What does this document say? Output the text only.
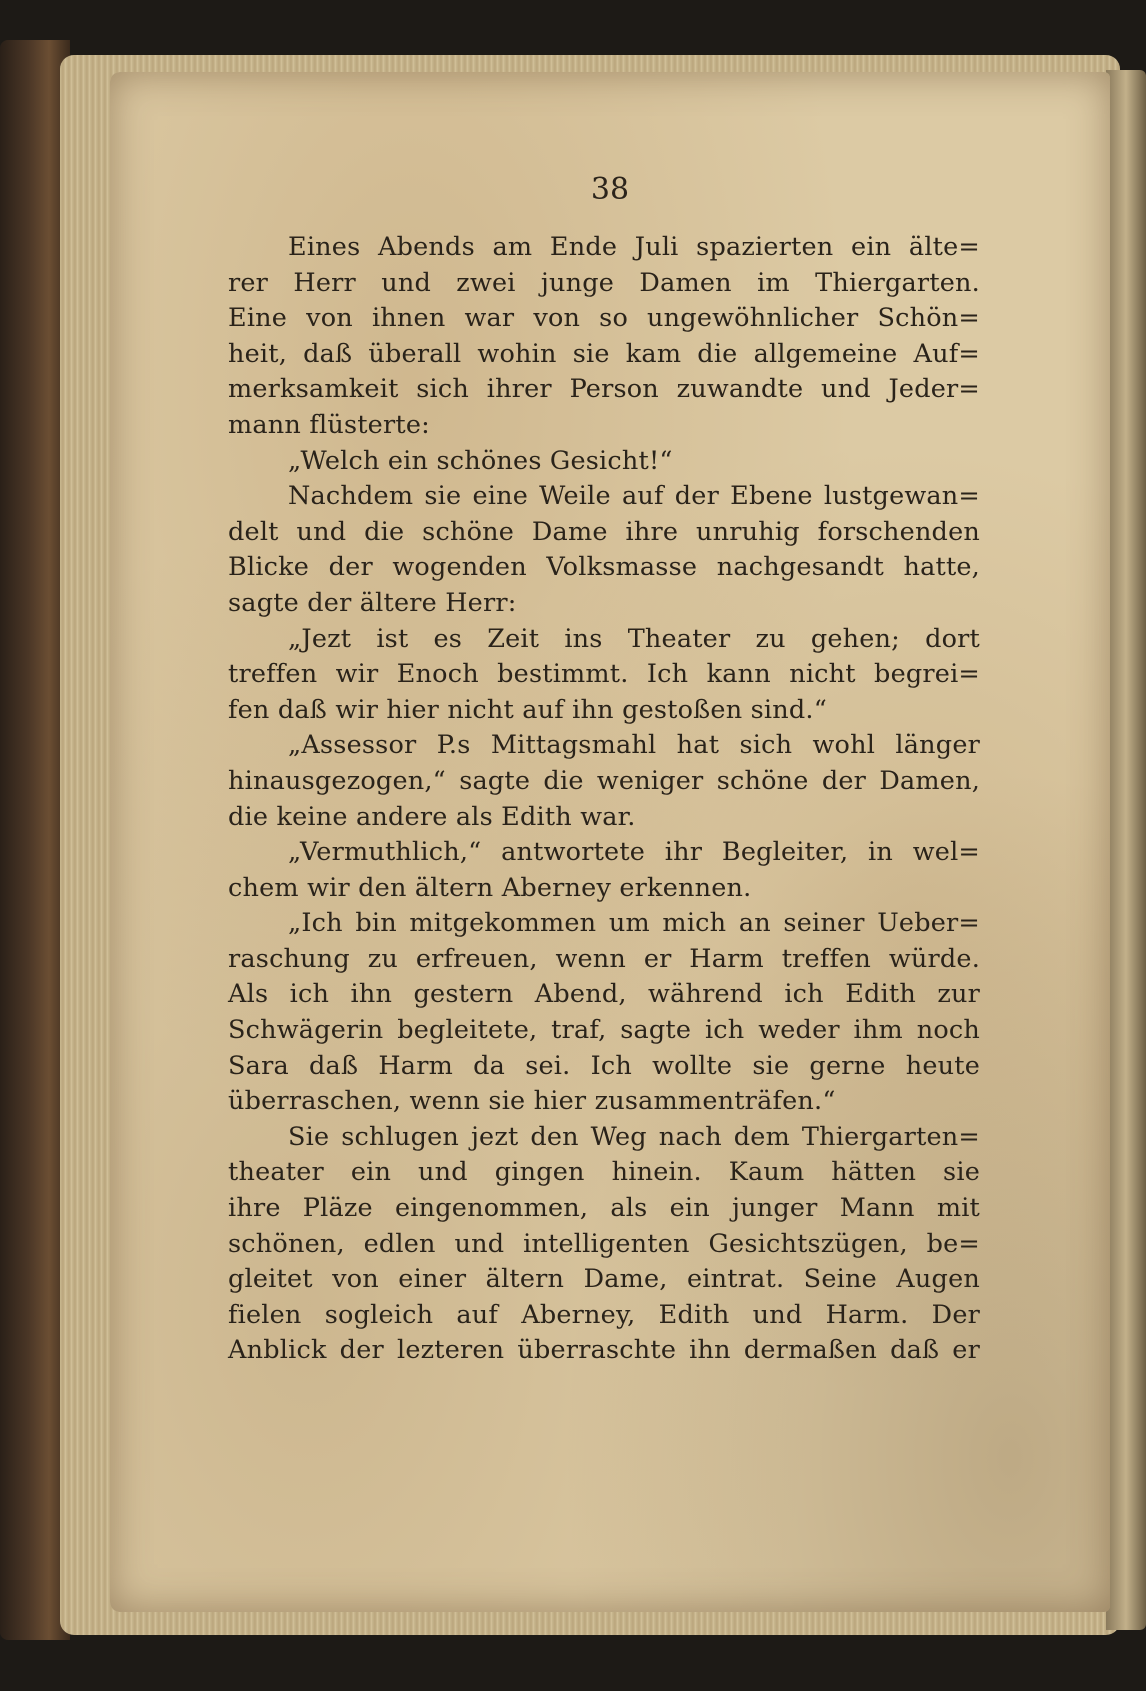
38
Eines Abends am Ende Juli spazierten ein älte=
rer Herr und zwei junge Damen im Thiergarten.
Eine von ihnen war von so ungewöhnlicher Schön=
heit, daß überall wohin sie kam die allgemeine Auf=
merksamkeit sich ihrer Person zuwandte und Jeder=
mann flüsterte:
„Welch ein schönes Gesicht!“
Nachdem sie eine Weile auf der Ebene lustgewan=
delt und die schöne Dame ihre unruhig forschenden
Blicke der wogenden Volksmasse nachgesandt hatte,
sagte der ältere Herr:
„Jezt ist es Zeit ins Theater zu gehen; dort
treffen wir Enoch bestimmt. Ich kann nicht begrei=
fen daß wir hier nicht auf ihn gestoßen sind.“
„Assessor P.s Mittagsmahl hat sich wohl länger
hinausgezogen,“ sagte die weniger schöne der Damen,
die keine andere als Edith war.
„Vermuthlich,“ antwortete ihr Begleiter, in wel=
chem wir den ältern Aberney erkennen.
„Ich bin mitgekommen um mich an seiner Ueber=
raschung zu erfreuen, wenn er Harm treffen würde.
Als ich ihn gestern Abend, während ich Edith zur
Schwägerin begleitete, traf, sagte ich weder ihm noch
Sara daß Harm da sei. Ich wollte sie gerne heute
überraschen, wenn sie hier zusammenträfen.“
Sie schlugen jezt den Weg nach dem Thiergarten=
theater ein und gingen hinein. Kaum hätten sie
ihre Pläze eingenommen, als ein junger Mann mit
schönen, edlen und intelligenten Gesichtszügen, be=
gleitet von einer ältern Dame, eintrat. Seine Augen
fielen sogleich auf Aberney, Edith und Harm. Der
Anblick der lezteren überraschte ihn dermaßen daß er
